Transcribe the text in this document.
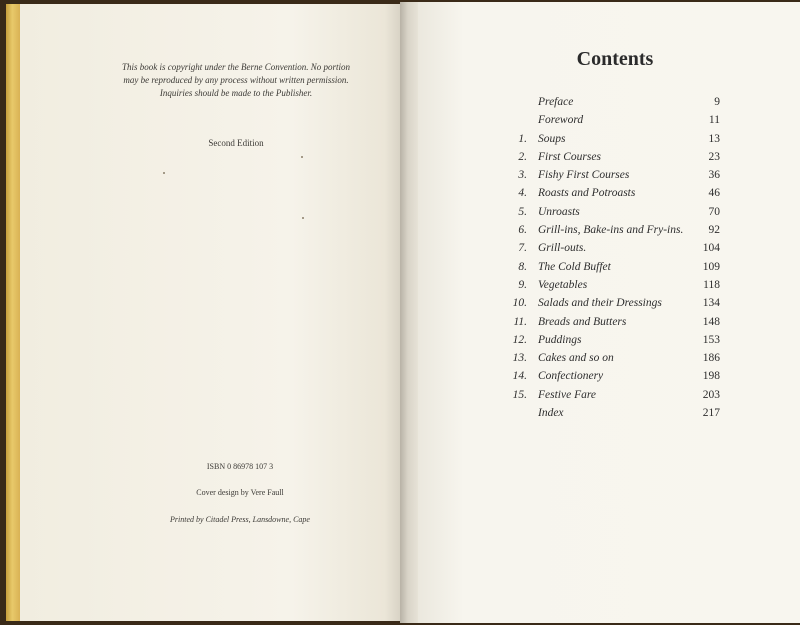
This book is copyright under the Berne Convention. No portion may be reproduced by any process without written permission. Inquiries should be made to the Publisher.
Second Edition
ISBN 0 86978 107 3
Cover design by Vere Faull
Printed by Citadel Press, Lansdowne, Cape
Contents
Preface	9
Foreword	11
1. Soups	13
2. First Courses	23
3. Fishy First Courses	36
4. Roasts and Potroasts	46
5. Unroasts	70
6. Grill-ins, Bake-ins and Fry-ins. 92
7. Grill-outs.	104
8. The Cold Buffet	109
9. Vegetables	118
10. Salads and their Dressings	134
11. Breads and Butters	148
12. Puddings	153
13. Cakes and so on	186
14. Confectionery	198
15. Festive Fare	203
Index	217
